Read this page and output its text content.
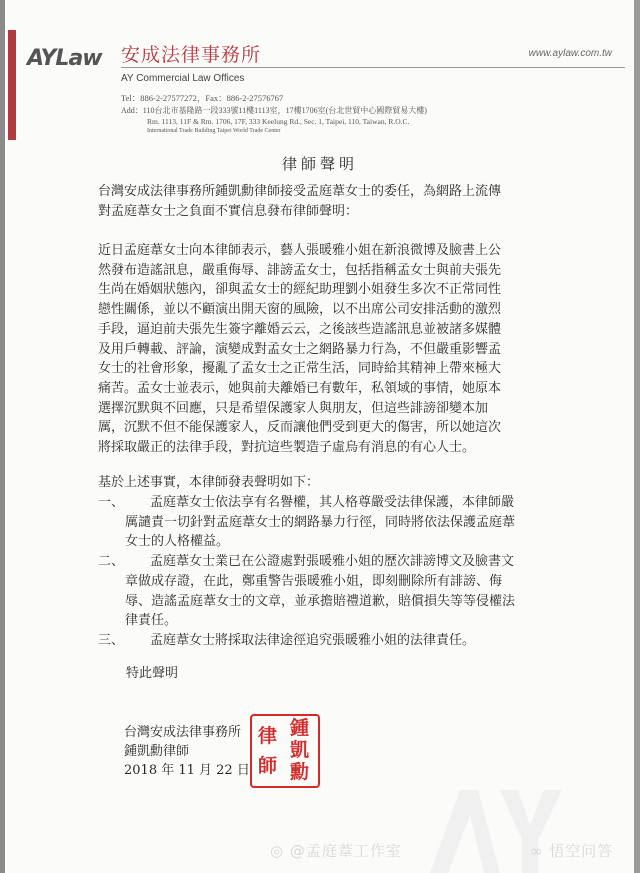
AYLaw 安成法律事務所	www.aylaw.com.tw
AY Commercial Law Offices
Tel：886-2-27577272，Fax：886-2-27576767
Add：110台北市基隆路一段333號11樓1113室，17樓1706室(台北世貿中心國際貿易大樓)
Rm. 1113, 11F & Rm. 1706, 17F, 333 Keelung Rd., Sec. 1, Taipei, 110, Taiwan, R.O.C.
International Trade Building Taipei World Trade Center
律師聲明
台灣安成法律事務所鍾凱勳律師接受孟庭葦女士的委任，為網路上流傳
對孟庭葦女士之負面不實信息發布律師聲明：
近日孟庭葦女士向本律師表示，藝人張暖雅小姐在新浪微博及臉書上公
然發布造謠訊息，嚴重侮辱、誹謗孟女士，包括指稱孟女士與前夫張先
生尚在婚姻狀態內，卻與孟女士的經紀助理劉小姐發生多次不正常同性
戀性關係，並以不顧演出開天窗的風險，以不出席公司安排活動的激烈
手段，逼迫前夫張先生簽字離婚云云，之後該些造謠訊息並被諸多媒體
及用戶轉載、評論，演變成對孟女士之網路暴力行為，不但嚴重影響孟
女士的社會形象，擾亂了孟女士之正常生活，同時給其精神上帶來極大
痛苦。孟女士並表示，她與前夫離婚已有數年，私領域的事情，她原本
選擇沉默與不回應，只是希望保護家人與朋友，但這些誹謗卻變本加
厲，沉默不但不能保護家人，反而讓他們受到更大的傷害，所以她這次
將採取嚴正的法律手段，對抗這些製造子虛烏有消息的有心人士。
基於上述事實，本律師發表聲明如下：
一、 孟庭葦女士依法享有名譽權，其人格尊嚴受法律保護，本律師嚴
厲譴責一切針對孟庭葦女士的網路暴力行徑，同時將依法保護孟庭葦
女士的人格權益。
二、 孟庭葦女士業已在公證處對張暖雅小姐的歷次誹謗博文及臉書文
章做成存證，在此，鄭重警告張暖雅小姐，即刻刪除所有誹謗、侮
辱、造謠孟庭葦女士的文章，並承擔賠禮道歉，賠償損失等等侵權法
律責任。
三、 孟庭葦女士將採取法律途徑追究張暖雅小姐的法律責任。
特此聲明
台灣安成法律事務所
鍾凱勳律師
2018 年 11 月 22 日
鍾
凱
勳
律
師
◎ @孟庭葦工作室	∞ 悟空问答
